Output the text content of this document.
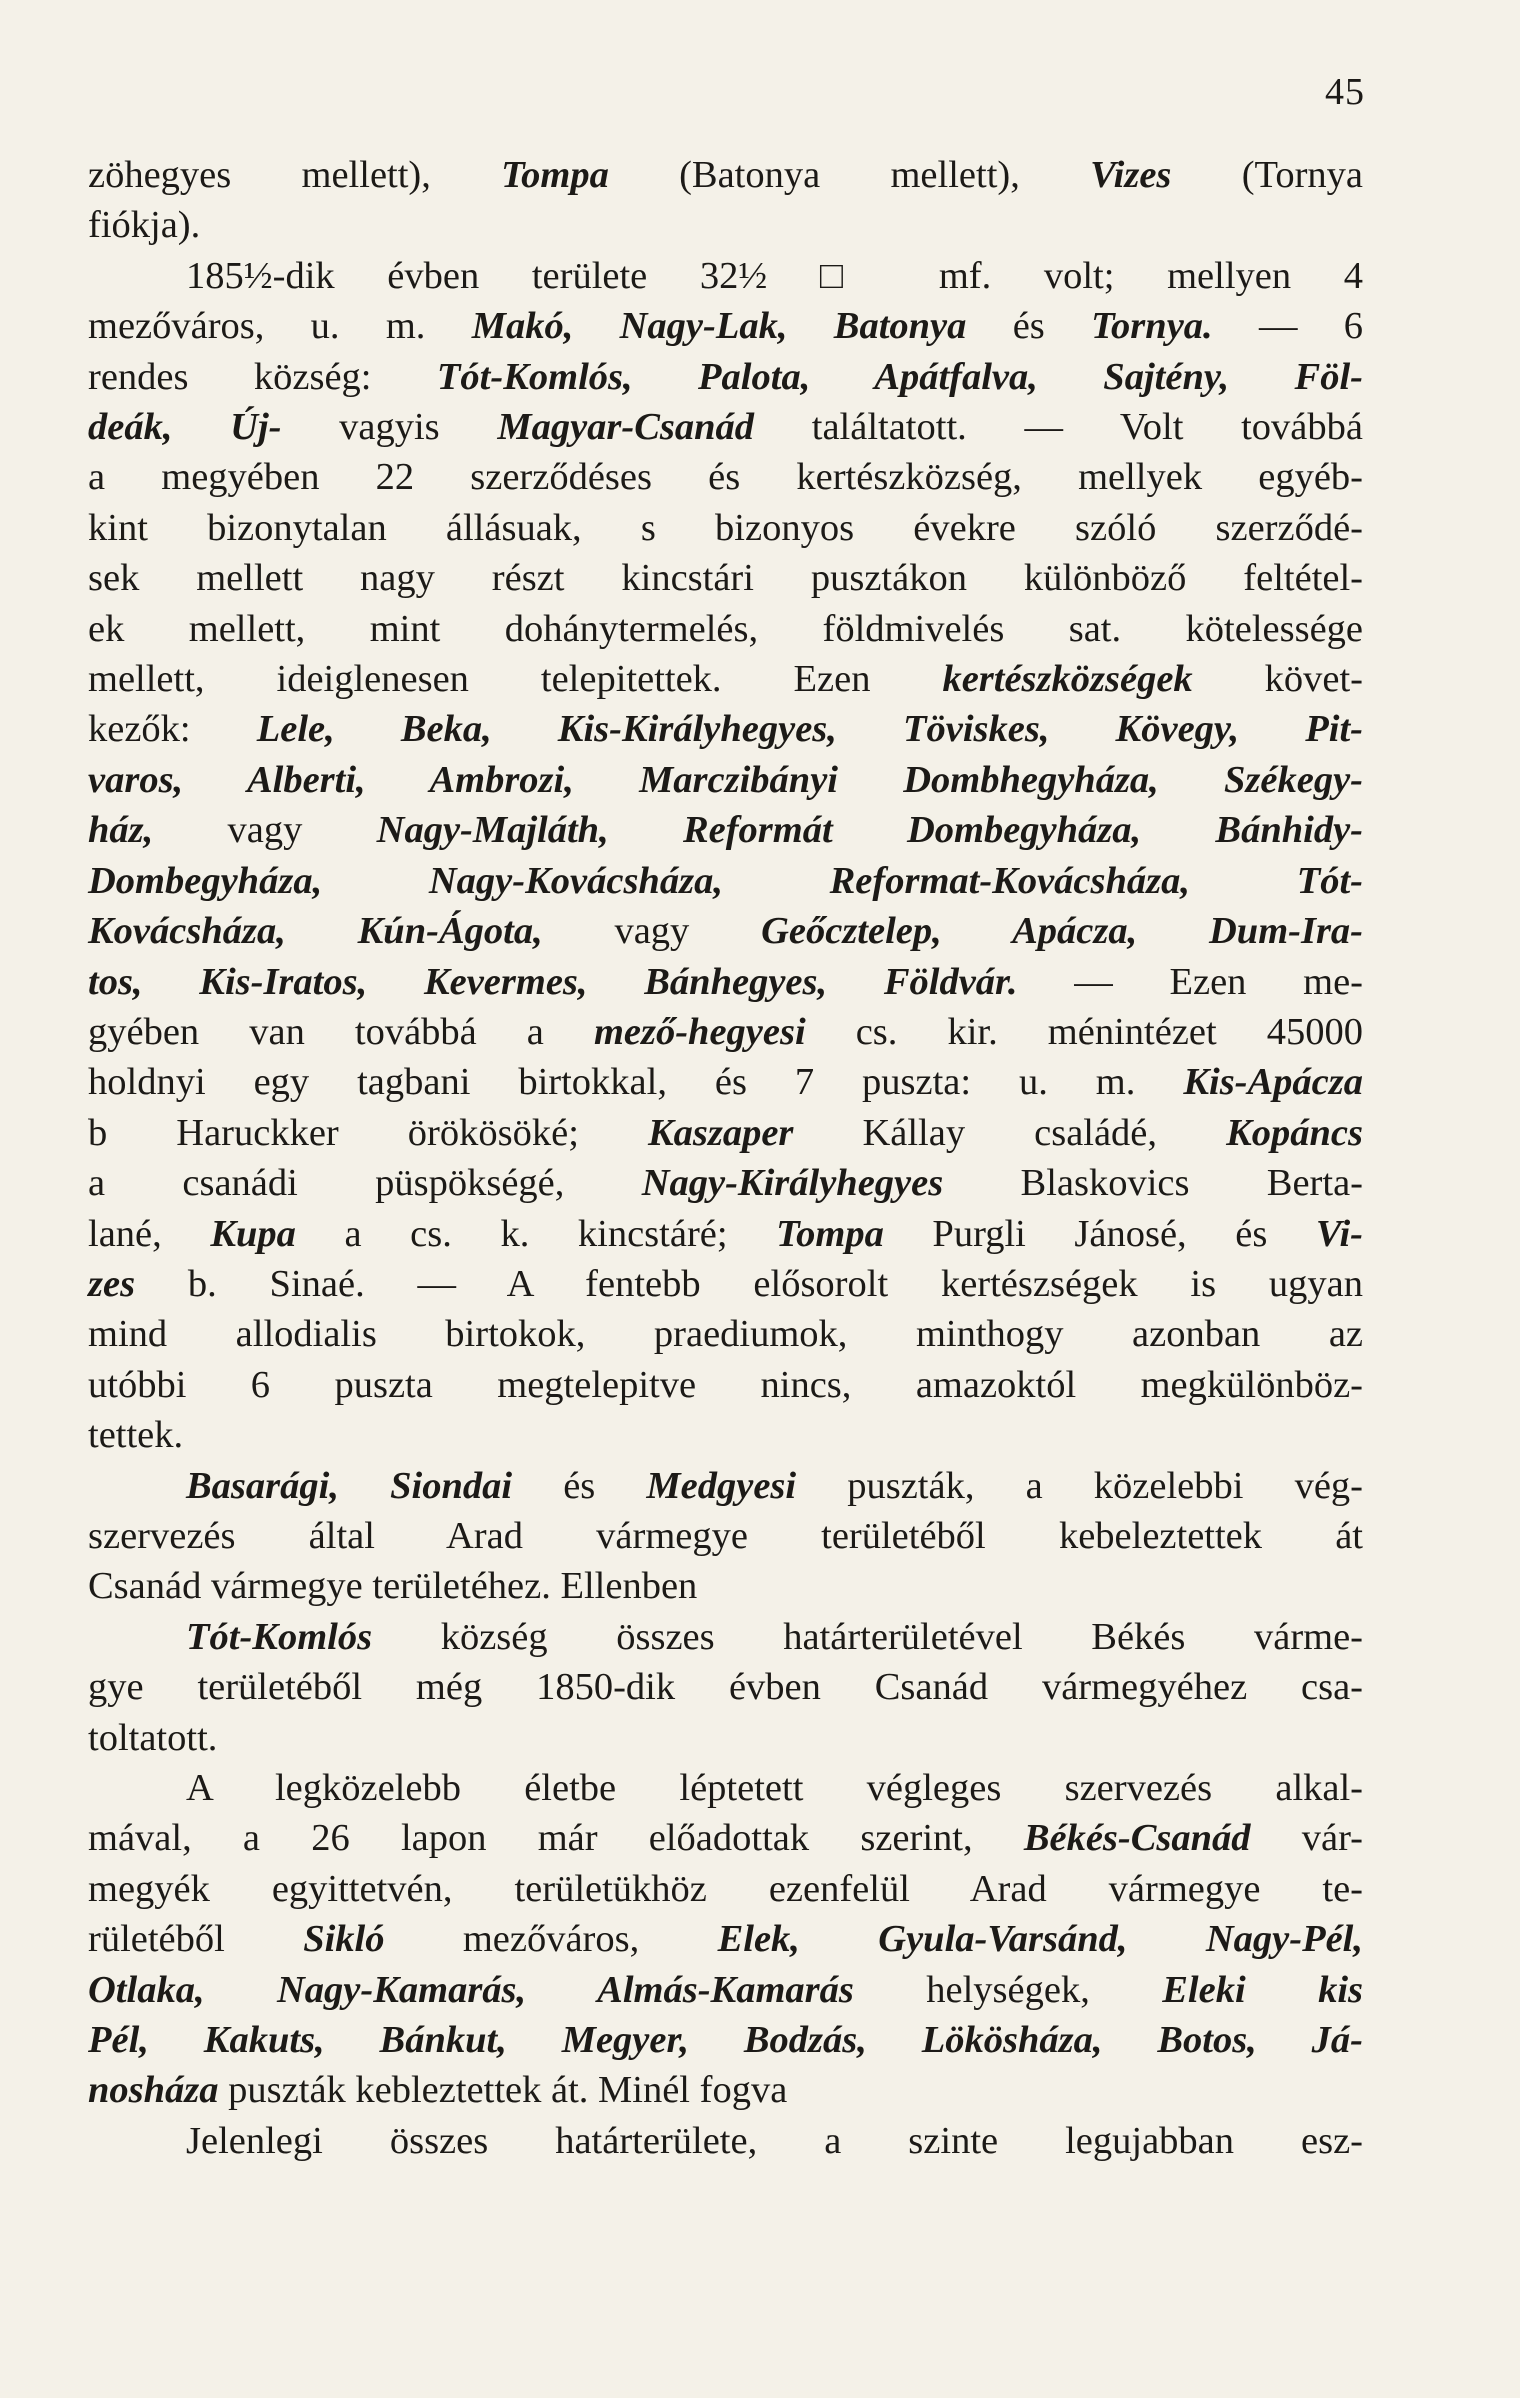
45
zöhegyes mellett), Tompa (Batonya mellett), Vizes (Tornya
fiókja).
185½-dik évben területe 32½ □ mf. volt; mellyen 4
mezőváros, u. m. Makó, Nagy-Lak, Batonya és Tornya. — 6
rendes község: Tót-Komlós, Palota, Apátfalva, Sajtény, Föl-
deák, Új- vagyis Magyar-Csanád találtatott. — Volt továbbá
a megyében 22 szerződéses és kertészközség, mellyek egyéb-
kint bizonytalan állásuak, s bizonyos évekre szóló szerződé-
sek mellett nagy részt kincstári pusztákon különböző feltétel-
ek mellett, mint dohánytermelés, földmivelés sat. kötelessége
mellett, ideiglenesen telepitettek. Ezen kertészközségek követ-
kezők: Lele, Beka, Kis-Királyhegyes, Töviskes, Kövegy, Pit-
varos, Alberti, Ambrozi, Marczibányi Dombhegyháza, Székegy-
ház, vagy Nagy-Majláth, Reformát Dombegyháza, Bánhidy-
Dombegyháza, Nagy-Kovácsháza, Reformat-Kovácsháza, Tót-
Kovácsháza, Kún-Ágota, vagy Geőcztelep, Apácza, Dum-Ira-
tos, Kis-Iratos, Kevermes, Bánhegyes, Földvár. — Ezen me-
gyében van továbbá a mező-hegyesi cs. kir. ménintézet 45000
holdnyi egy tagbani birtokkal, és 7 puszta: u. m. Kis-Apácza
b Haruckker örökösöké; Kaszaper Kállay családé, Kopáncs
a csanádi püspökségé, Nagy-Királyhegyes Blaskovics Berta-
lané, Kupa a cs. k. kincstáré; Tompa Purgli Jánosé, és Vi-
zes b. Sinaé. — A fentebb elősorolt kertészségek is ugyan
mind allodialis birtokok, praediumok, minthogy azonban az
utóbbi 6 puszta megtelepitve nincs, amazoktól megkülönböz-
tettek.
Basarági, Siondai és Medgyesi puszták, a közelebbi vég-
szervezés által Arad vármegye területéből kebeleztettek át
Csanád vármegye területéhez. Ellenben
Tót-Komlós község összes határterületével Békés várme-
gye területéből még 1850-dik évben Csanád vármegyéhez csa-
toltatott.
A legközelebb életbe léptetett végleges szervezés alkal-
mával, a 26 lapon már előadottak szerint, Békés-Csanád vár-
megyék egyittetvén, területükhöz ezenfelül Arad vármegye te-
rületéből Sikló mezőváros, Elek, Gyula-Varsánd, Nagy-Pél,
Otlaka, Nagy-Kamarás, Almás-Kamarás helységek, Eleki kis
Pél, Kakuts, Bánkut, Megyer, Bodzás, Lökösháza, Botos, Já-
nosháza puszták kebleztettek át. Minél fogva
Jelenlegi összes határterülete, a szinte legujabban esz-
